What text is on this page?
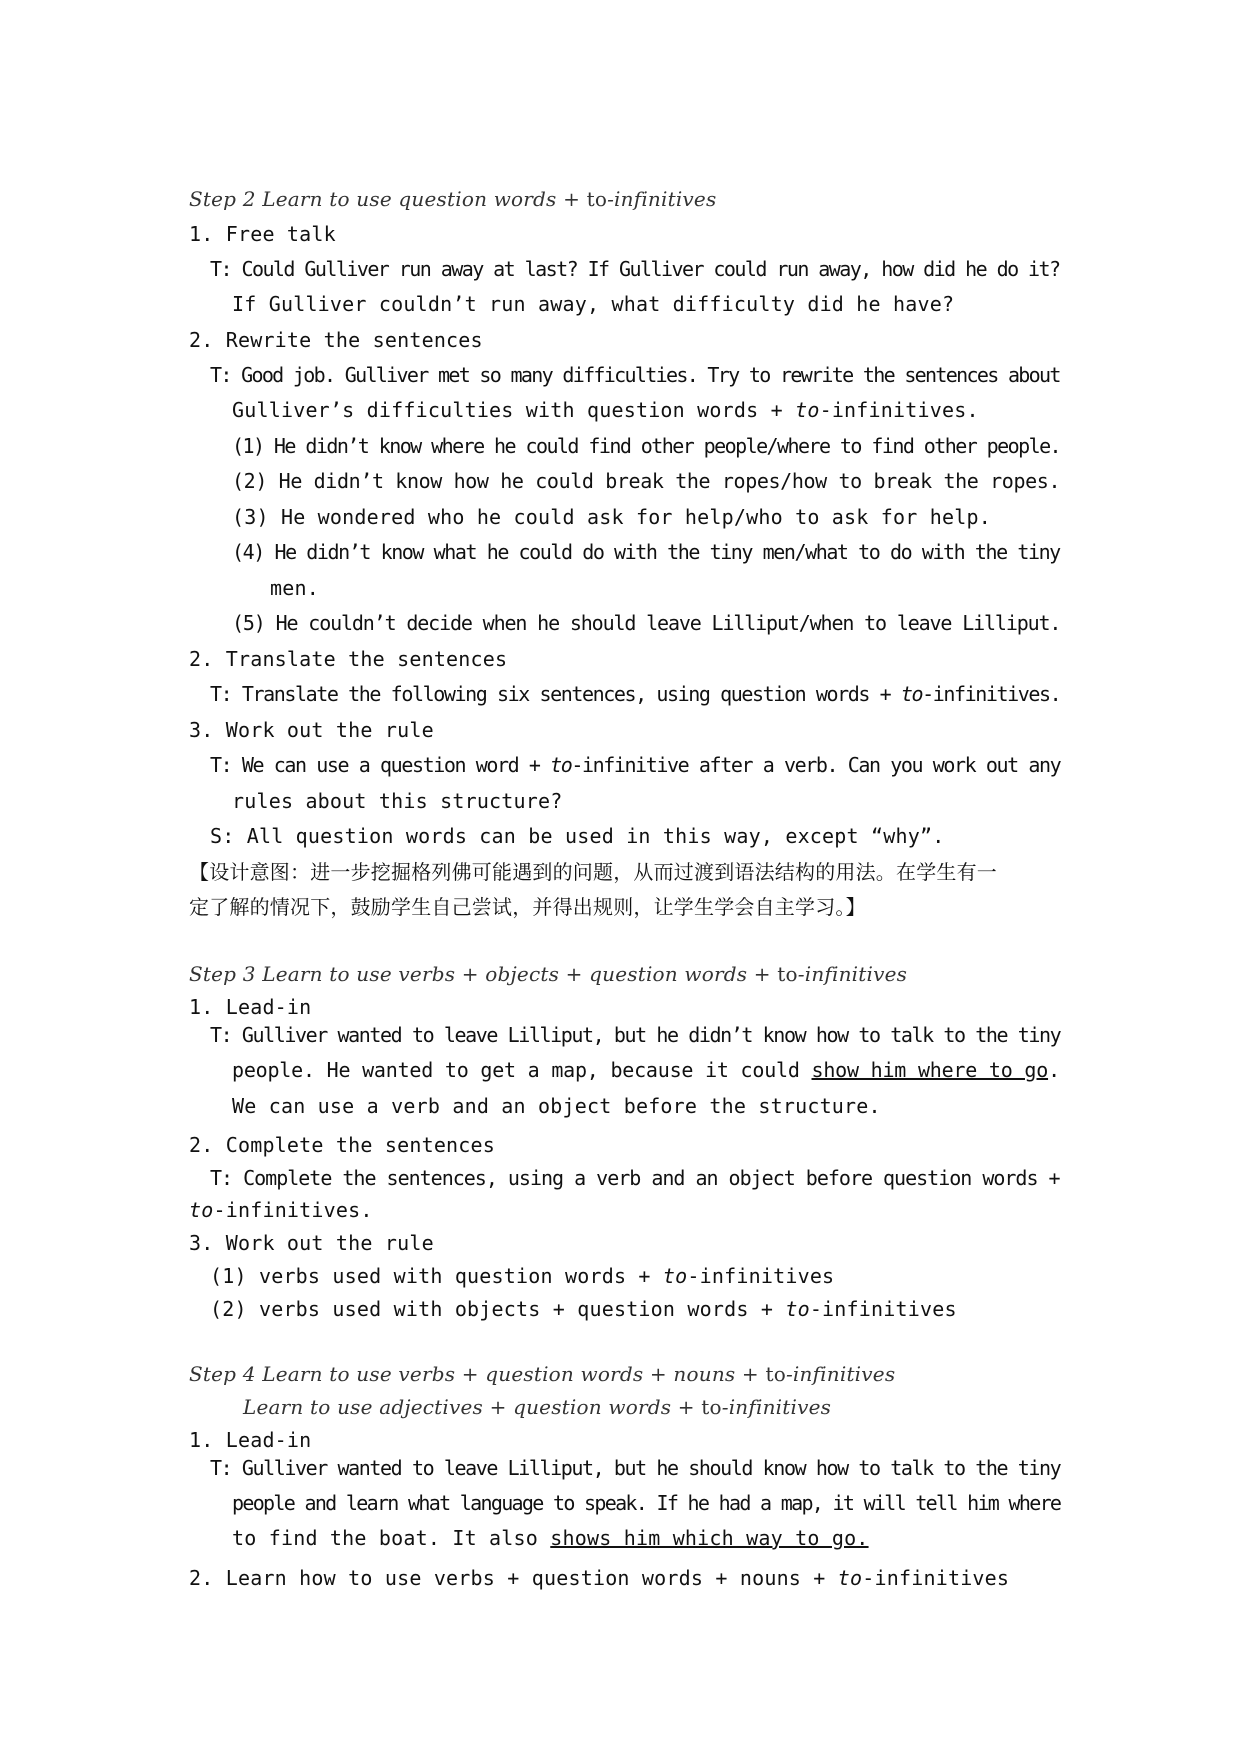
Step 2 Learn to use question words + to-infinitives
1. Free talk
T: Could Gulliver run away at last? If Gulliver could run away, how did he do it?
If Gulliver couldn’t run away, what difficulty did he have?
2. Rewrite the sentences
T: Good job. Gulliver met so many difficulties. Try to rewrite the sentences about
Gulliver’s difficulties with question words + to-infinitives.
(1) He didn’t know where he could find other people/where to find other people.
(2) He didn’t know how he could break the ropes/how to break the ropes.
(3) He wondered who he could ask for help/who to ask for help.
(4) He didn’t know what he could do with the tiny men/what to do with the tiny
men.
(5) He couldn’t decide when he should leave Lilliput/when to leave Lilliput.
2. Translate the sentences
T: Translate the following six sentences, using question words + to-infinitives.
3. Work out the rule
T: We can use a question word + to-infinitive after a verb. Can you work out any
rules about this structure?
S: All question words can be used in this way, except “why”.
【设计意图：进一步挖掘格列佛可能遇到的问题，从而过渡到语法结构的用法。在学生有一
定了解的情况下，鼓励学生自己尝试，并得出规则，让学生学会自主学习。】
Step 3 Learn to use verbs + objects + question words + to-infinitives
1. Lead-in
T: Gulliver wanted to leave Lilliput, but he didn’t know how to talk to the tiny
people. He wanted to get a map, because it could show him where to go.
We can use a verb and an object before the structure.
2. Complete the sentences
T: Complete the sentences, using a verb and an object before question words +
to-infinitives.
3. Work out the rule
(1) verbs used with question words + to-infinitives
(2) verbs used with objects + question words + to-infinitives
Step 4 Learn to use verbs + question words + nouns + to-infinitives
Learn to use adjectives + question words + to-infinitives
1. Lead-in
T: Gulliver wanted to leave Lilliput, but he should know how to talk to the tiny
people and learn what language to speak. If he had a map, it will tell him where
to find the boat. It also shows him which way to go.
2. Learn how to use verbs + question words + nouns + to-infinitives
